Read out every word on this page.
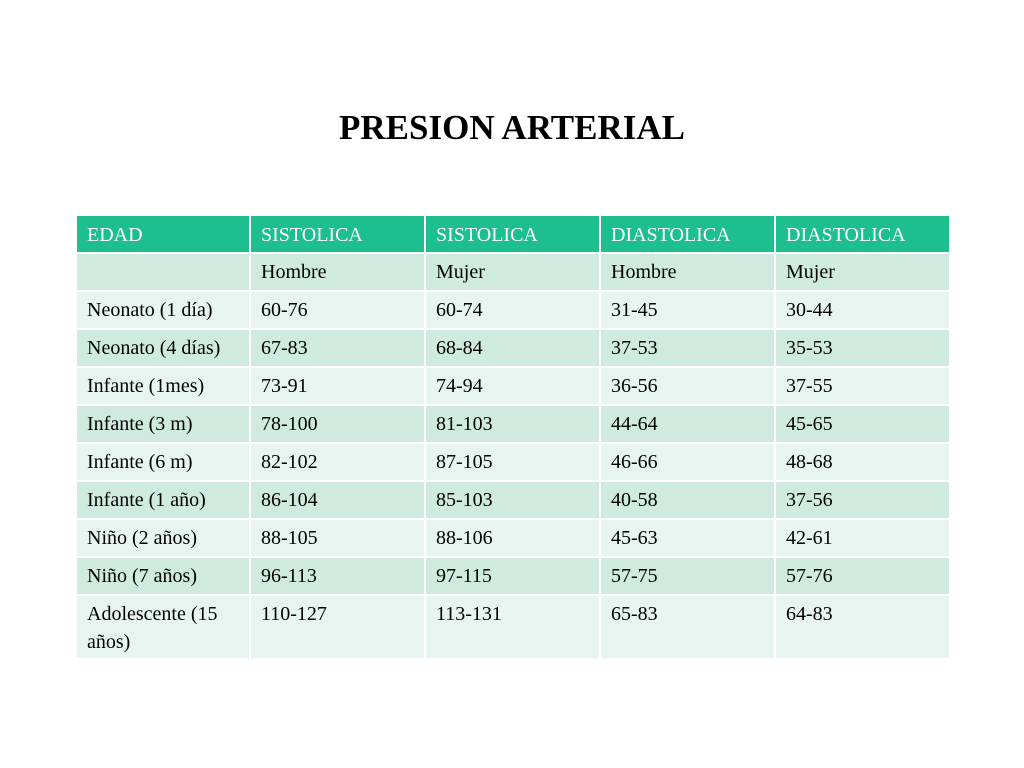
PRESION ARTERIAL
EDAD	SISTOLICA	SISTOLICA	DIASTOLICA	DIASTOLICA
	Hombre	Mujer	Hombre	Mujer
Neonato (1 día)	60-76	60-74	31-45	30-44
Neonato (4 días)	67-83	68-84	37-53	35-53
Infante (1mes)	73-91	74-94	36-56	37-55
Infante (3 m)	78-100	81-103	44-64	45-65
Infante (6 m)	82-102	87-105	46-66	48-68
Infante (1 año)	86-104	85-103	40-58	37-56
Niño (2 años)	88-105	88-106	45-63	42-61
Niño (7 años)	96-113	97-115	57-75	57-76
Adolescente (15 años)	110-127	113-131	65-83	64-83
